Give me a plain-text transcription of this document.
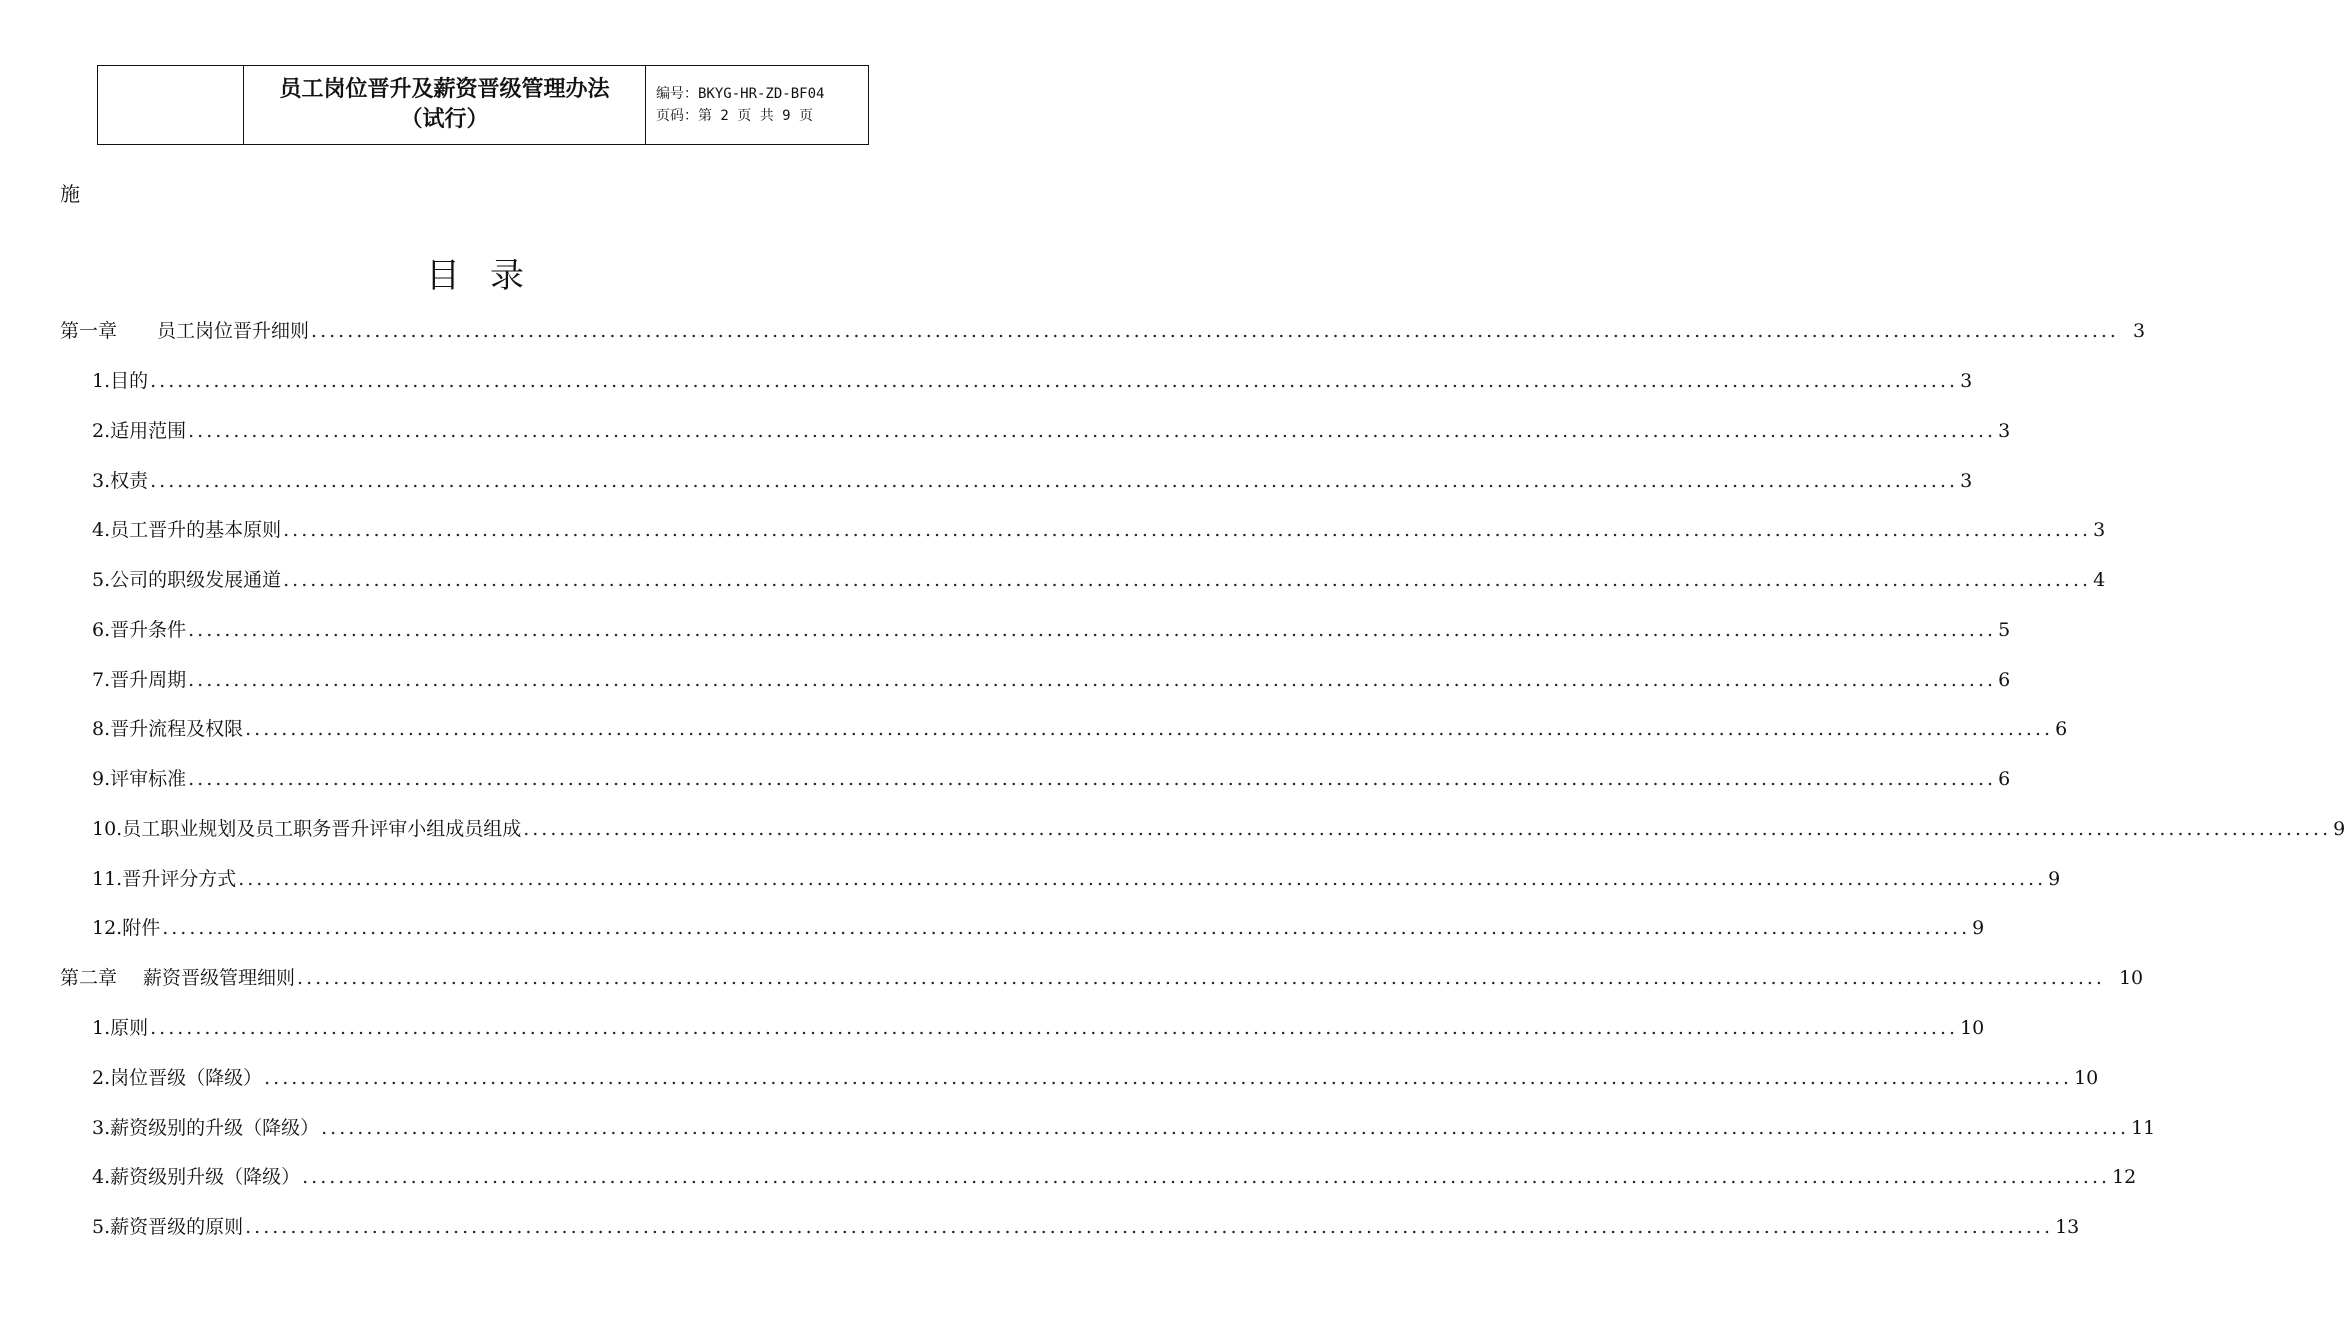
员工岗位晋升及薪资晋级管理办法
（试行）
编号：BKYG-HR-ZD-BF04
页码：第 2 页 共 9 页
施
目录
第一章 员工岗位晋升细则 ........................................................................................................................................................................................................ 3
1.目的 ........................................................................................................................................................................................................ 3
2.适用范围 ........................................................................................................................................................................................................ 3
3.权责 ........................................................................................................................................................................................................ 3
4.员工晋升的基本原则 ........................................................................................................................................................................................................ 3
5.公司的职级发展通道 ........................................................................................................................................................................................................ 4
6.晋升条件 ........................................................................................................................................................................................................ 5
7.晋升周期 ........................................................................................................................................................................................................ 6
8.晋升流程及权限 ........................................................................................................................................................................................................ 6
9.评审标准 ........................................................................................................................................................................................................ 6
10.员工职业规划及员工职务晋升评审小组成员组成 ........................................................................................................................................................................................................ 9
11.晋升评分方式 ........................................................................................................................................................................................................ 9
12.附件 ........................................................................................................................................................................................................ 9
第二章 薪资晋级管理细则 ........................................................................................................................................................................................................ 10
1.原则 ........................................................................................................................................................................................................ 10
2.岗位晋级（降级） ........................................................................................................................................................................................................ 10
3.薪资级别的升级（降级） ........................................................................................................................................................................................................ 11
4.薪资级别升级（降级） ........................................................................................................................................................................................................ 12
5.薪资晋级的原则 ........................................................................................................................................................................................................ 13
